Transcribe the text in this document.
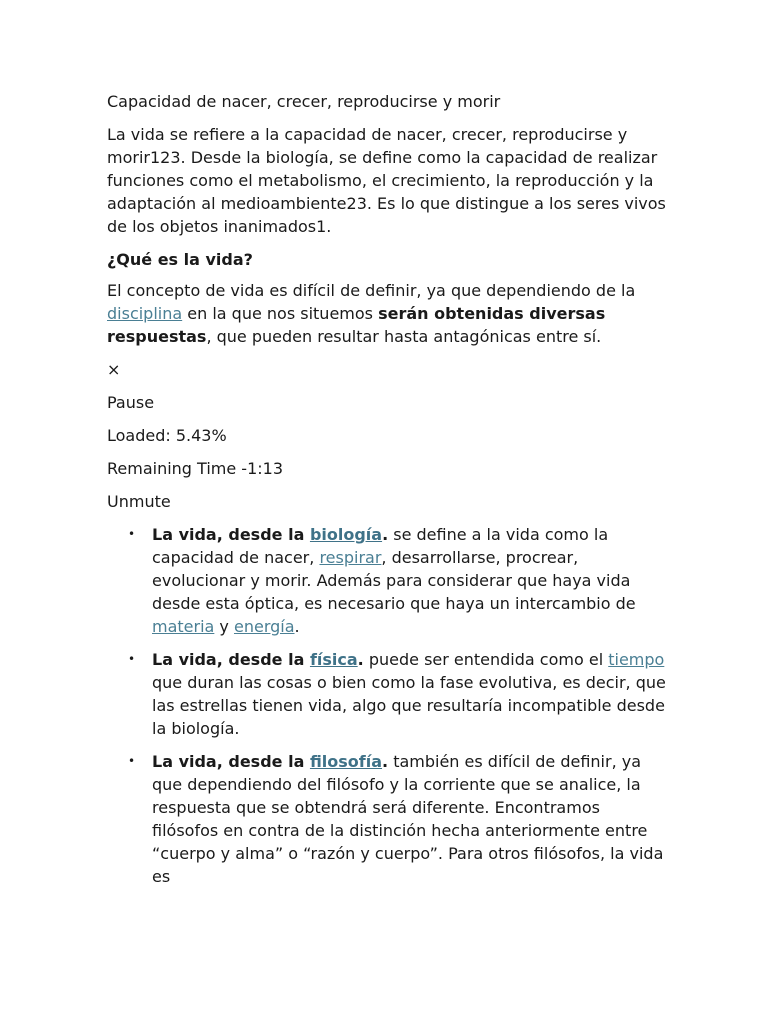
Capacidad de nacer, crecer, reproducirse y morir

La vida se refiere a la capacidad de nacer, crecer, reproducirse y morir123. Desde la biología, se define como la capacidad de realizar funciones como el metabolismo, el crecimiento, la reproducción y la adaptación al medioambiente23. Es lo que distingue a los seres vivos de los objetos inanimados1.

¿Qué es la vida?

El concepto de vida es difícil de definir, ya que dependiendo de la disciplina en la que nos situemos serán obtenidas diversas respuestas, que pueden resultar hasta antagónicas entre sí.

×
Pause
Loaded: 5.43%
Remaining Time -1:13
Unmute
• La vida, desde la biología. se define a la vida como la capacidad de nacer, respirar, desarrollarse, procrear, evolucionar y morir. Además para considerar que haya vida desde esta óptica, es necesario que haya un intercambio de materia y energía.
• La vida, desde la física. puede ser entendida como el tiempo que duran las cosas o bien como la fase evolutiva, es decir, que las estrellas tienen vida, algo que resultaría incompatible desde la biología.
• La vida, desde la filosofía. también es difícil de definir, ya que dependiendo del filósofo y la corriente que se analice, la respuesta que se obtendrá será diferente. Encontramos filósofos en contra de la distinción hecha anteriormente entre “cuerpo y alma” o “razón y cuerpo”. Para otros filósofos, la vida es
